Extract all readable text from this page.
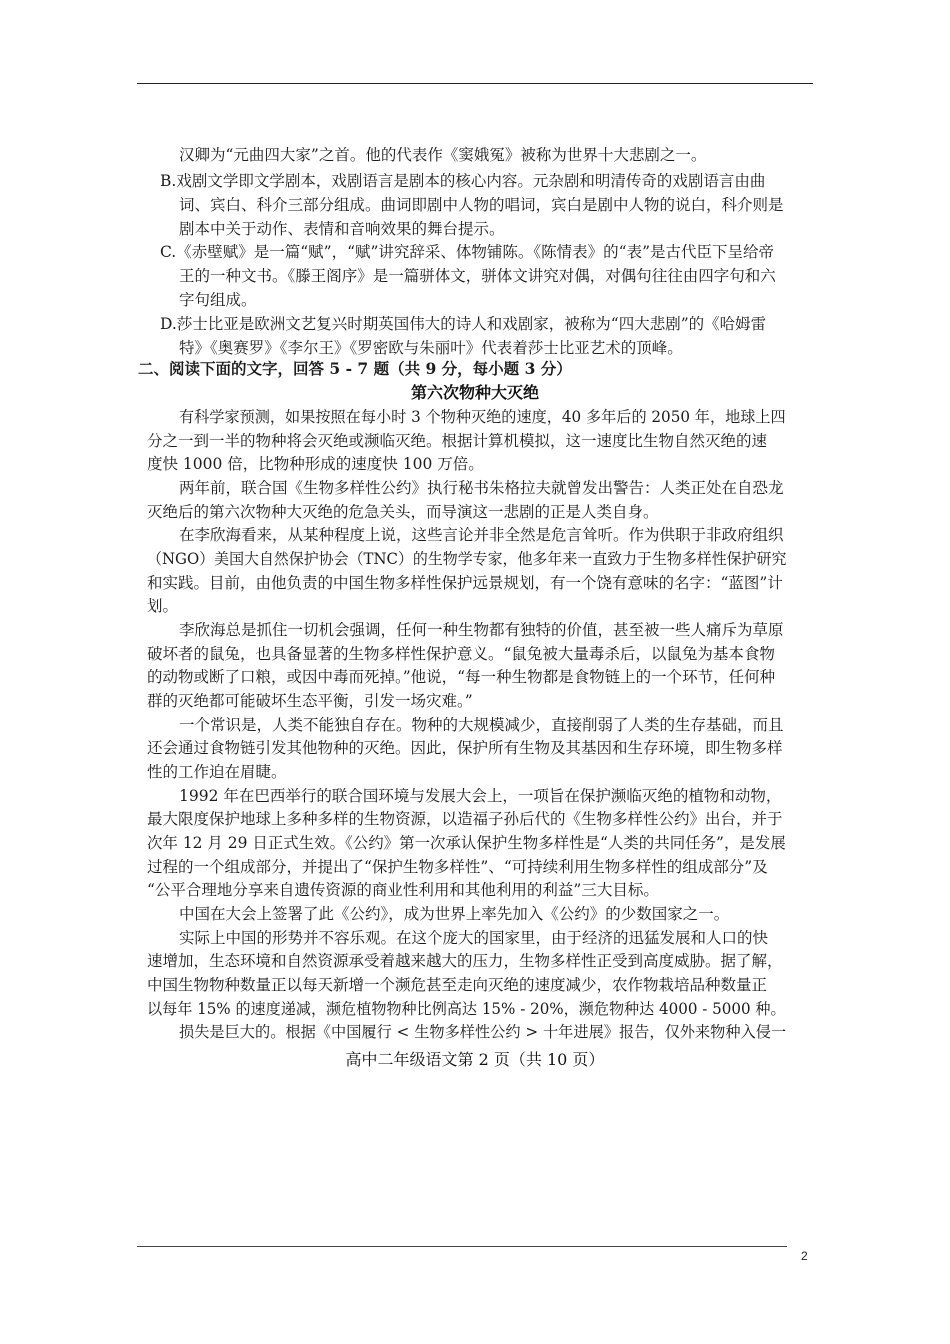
汉卿为“元曲四大家”之首。他的代表作《窦娥冤》被称为世界十大悲剧之一。
B.戏剧文学即文学剧本，戏剧语言是剧本的核心内容。元杂剧和明清传奇的戏剧语言由曲
词、宾白、科介三部分组成。曲词即剧中人物的唱词，宾白是剧中人物的说白，科介则是
剧本中关于动作、表情和音响效果的舞台提示。
C.《赤壁赋》是一篇“赋”，“赋”讲究辞采、体物铺陈。《陈情表》的“表”是古代臣下呈给帝
王的一种文书。《滕王阁序》是一篇骈体文，骈体文讲究对偶，对偶句往往由四字句和六
字句组成。
D.莎士比亚是欧洲文艺复兴时期英国伟大的诗人和戏剧家，被称为“四大悲剧”的《哈姆雷
特》《奥赛罗》《李尔王》《罗密欧与朱丽叶》代表着莎士比亚艺术的顶峰。
二、阅读下面的文字，回答 5 - 7 题（共 9 分，每小题 3 分）
第六次物种大灭绝
有科学家预测，如果按照在每小时 3 个物种灭绝的速度，40 多年后的 2050 年，地球上四
分之一到一半的物种将会灭绝或濒临灭绝。根据计算机模拟，这一速度比生物自然灭绝的速
度快 1000 倍，比物种形成的速度快 100 万倍。
两年前，联合国《生物多样性公约》执行秘书朱格拉夫就曾发出警告：人类正处在自恐龙
灭绝后的第六次物种大灭绝的危急关头，而导演这一悲剧的正是人类自身。
在李欣海看来，从某种程度上说，这些言论并非全然是危言耸听。作为供职于非政府组织
（NGO）美国大自然保护协会（TNC）的生物学专家，他多年来一直致力于生物多样性保护研究
和实践。目前，由他负责的中国生物多样性保护远景规划，有一个饶有意味的名字：“蓝图”计
划。
李欣海总是抓住一切机会强调，任何一种生物都有独特的价值，甚至被一些人痛斥为草原
破坏者的鼠兔，也具备显著的生物多样性保护意义。“鼠兔被大量毒杀后，以鼠兔为基本食物
的动物或断了口粮，或因中毒而死掉。”他说，“每一种生物都是食物链上的一个环节，任何种
群的灭绝都可能破坏生态平衡，引发一场灾难。”
一个常识是，人类不能独自存在。物种的大规模减少，直接削弱了人类的生存基础，而且
还会通过食物链引发其他物种的灭绝。因此，保护所有生物及其基因和生存环境，即生物多样
性的工作迫在眉睫。
1992 年在巴西举行的联合国环境与发展大会上，一项旨在保护濒临灭绝的植物和动物，
最大限度保护地球上多种多样的生物资源，以造福子孙后代的《生物多样性公约》出台，并于
次年 12 月 29 日正式生效。《公约》第一次承认保护生物多样性是“人类的共同任务”，是发展
过程的一个组成部分，并提出了“保护生物多样性”、“可持续利用生物多样性的组成部分”及
“公平合理地分享来自遗传资源的商业性利用和其他利用的利益”三大目标。
中国在大会上签署了此《公约》，成为世界上率先加入《公约》的少数国家之一。
实际上中国的形势并不容乐观。在这个庞大的国家里，由于经济的迅猛发展和人口的快
速增加，生态环境和自然资源承受着越来越大的压力，生物多样性正受到高度威胁。据了解，
中国生物物种数量正以每天新增一个濒危甚至走向灭绝的速度减少，农作物栽培品种数量正
以每年 15% 的速度递减，濒危植物物种比例高达 15% - 20%，濒危物种达 4000 - 5000 种。
损失是巨大的。根据《中国履行 < 生物多样性公约 > 十年进展》报告，仅外来物种入侵一
高中二年级语文第 2 页（共 10 页）
2
